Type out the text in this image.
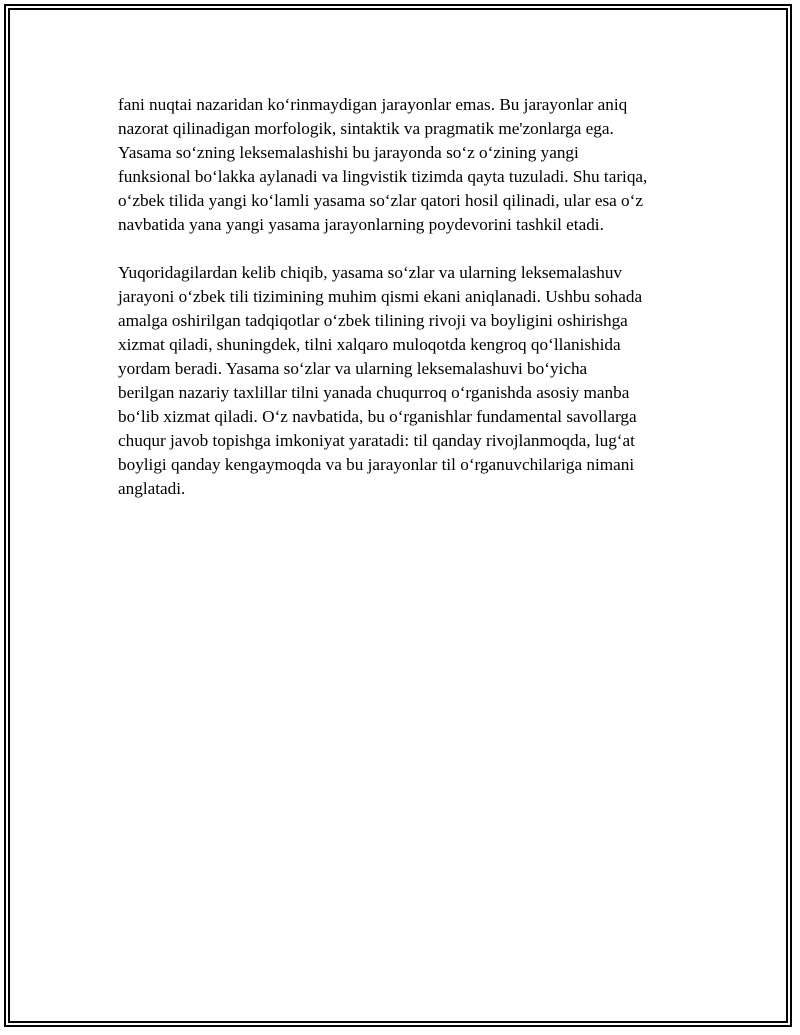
fani nuqtai nazaridan ko‘rinmaydigan jarayonlar emas. Bu jarayonlar aniq
nazorat qilinadigan morfologik, sintaktik va pragmatik me'zonlarga ega.
Yasama so‘zning leksemalashishi bu jarayonda so‘z o‘zining yangi
funksional bo‘lakka aylanadi va lingvistik tizimda qayta tuzuladi. Shu tariqa,
o‘zbek tilida yangi ko‘lamli yasama so‘zlar qatori hosil qilinadi, ular esa o‘z
navbatida yana yangi yasama jarayonlarning poydevorini tashkil etadi.

Yuqoridagilardan kelib chiqib, yasama so‘zlar va ularning leksemalashuv
jarayoni o‘zbek tili tizimining muhim qismi ekani aniqlanadi. Ushbu sohada
amalga oshirilgan tadqiqotlar o‘zbek tilining rivoji va boyligini oshirishga
xizmat qiladi, shuningdek, tilni xalqaro muloqotda kengroq qo‘llanishida
yordam beradi. Yasama so‘zlar va ularning leksemalashuvi bo‘yicha
berilgan nazariy taxlillar tilni yanada chuqurroq o‘rganishda asosiy manba
bo‘lib xizmat qiladi. O‘z navbatida, bu o‘rganishlar fundamental savollarga
chuqur javob topishga imkoniyat yaratadi: til qanday rivojlanmoqda, lug‘at
boyligi qanday kengaymoqda va bu jarayonlar til o‘rganuvchilariga nimani
anglatadi.
